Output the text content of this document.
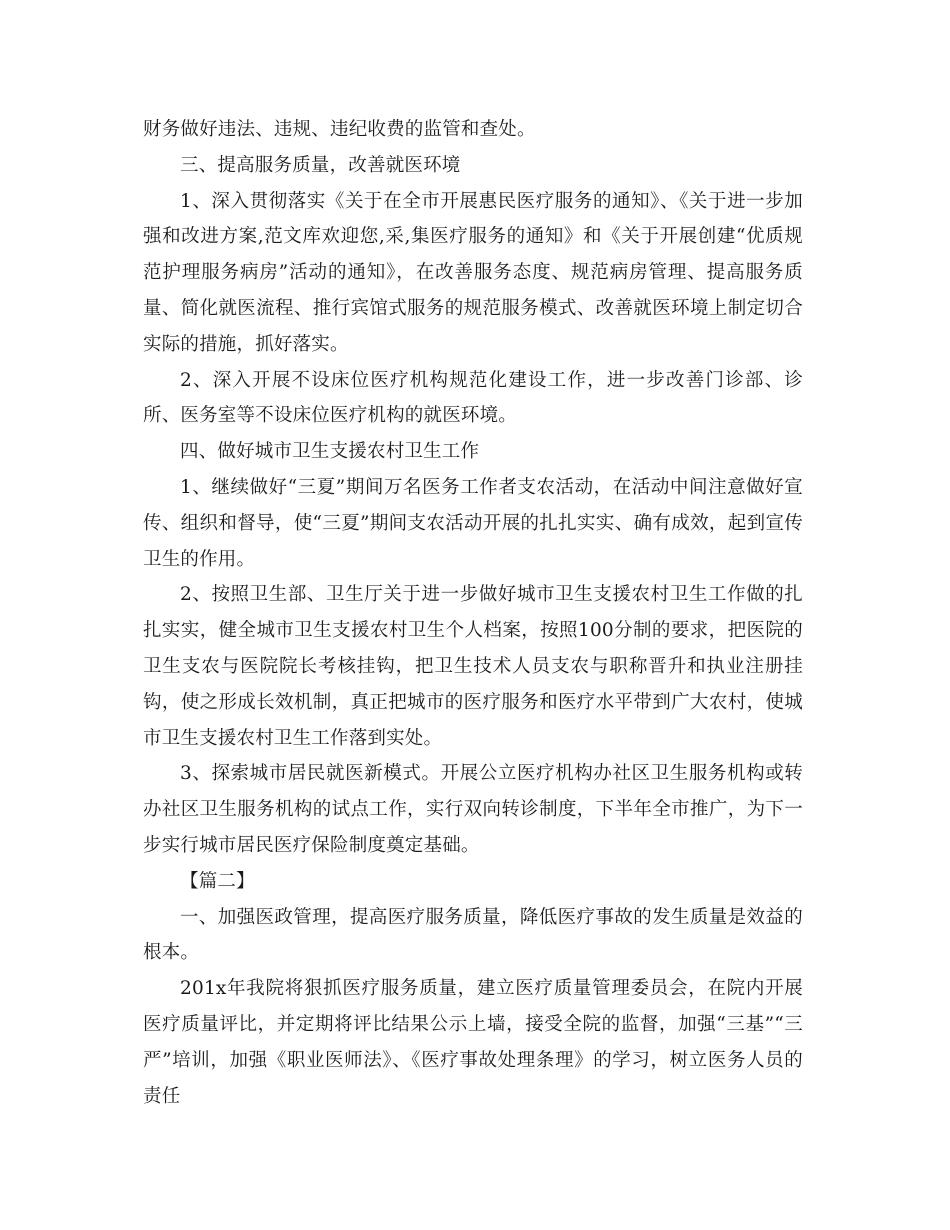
财务做好违法、违规、违纪收费的监管和查处。

三、提高服务质量，改善就医环境

1、深入贯彻落实《关于在全市开展惠民医疗服务的通知》、《关于进一步加强和改进方案,范文库欢迎您,采,集医疗服务的通知》和《关于开展创建“优质规范护理服务病房”活动的通知》，在改善服务态度、规范病房管理、提高服务质量、简化就医流程、推行宾馆式服务的规范服务模式、改善就医环境上制定切合实际的措施，抓好落实。

2、深入开展不设床位医疗机构规范化建设工作，进一步改善门诊部、诊所、医务室等不设床位医疗机构的就医环境。

四、做好城市卫生支援农村卫生工作

1、继续做好“三夏”期间万名医务工作者支农活动，在活动中间注意做好宣传、组织和督导，使“三夏”期间支农活动开展的扎扎实实、确有成效，起到宣传卫生的作用。

2、按照卫生部、卫生厅关于进一步做好城市卫生支援农村卫生工作做的扎扎实实，健全城市卫生支援农村卫生个人档案，按照100分制的要求，把医院的卫生支农与医院院长考核挂钩，把卫生技术人员支农与职称晋升和执业注册挂钩，使之形成长效机制，真正把城市的医疗服务和医疗水平带到广大农村，使城市卫生支援农村卫生工作落到实处。

3、探索城市居民就医新模式。开展公立医疗机构办社区卫生服务机构或转办社区卫生服务机构的试点工作，实行双向转诊制度，下半年全市推广，为下一步实行城市居民医疗保险制度奠定基础。

【篇二】

一、加强医政管理，提高医疗服务质量，降低医疗事故的发生质量是效益的根本。

201x年我院将狠抓医疗服务质量，建立医疗质量管理委员会，在院内开展医疗质量评比，并定期将评比结果公示上墙，接受全院的监督，加强“三基”“三严”培训，加强《职业医师法》、《医疗事故处理条理》的学习，树立医务人员的责任
